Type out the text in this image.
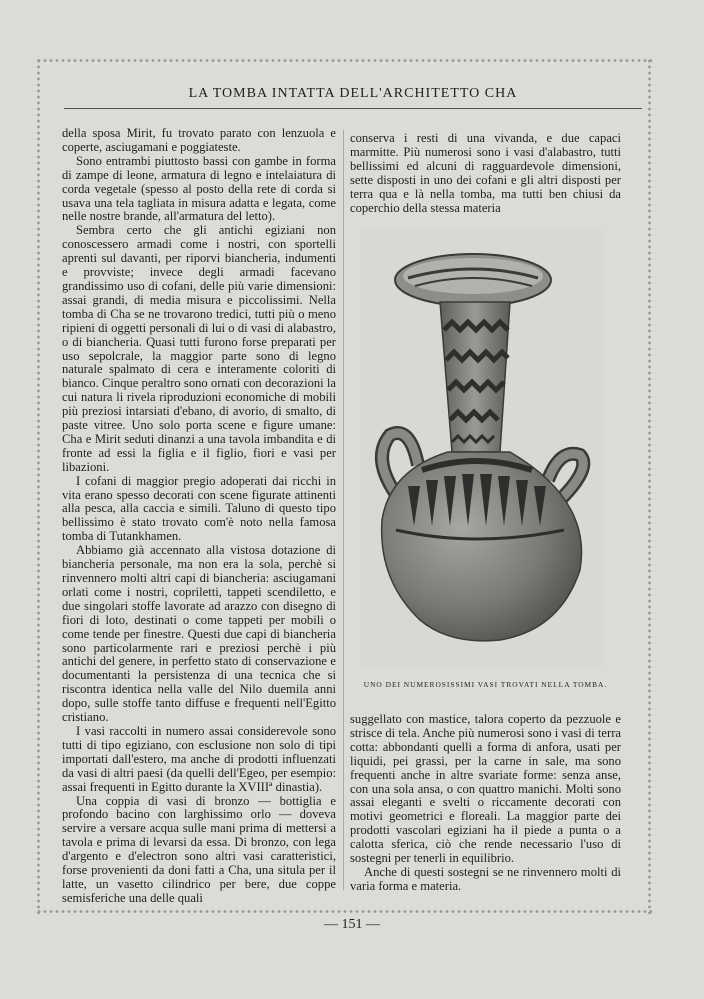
LA TOMBA INTATTA DELL'ARCHITETTO CHA

della sposa Mirit, fu trovato parato con lenzuola e coperte, asciugamani e poggiateste.

Sono entrambi piuttosto bassi con gambe in forma di zampe di leone, armatura di legno e intelaiatura di corda vegetale (spesso al posto della rete di corda si usava una tela tagliata in misura adatta e legata, come nelle nostre brande, all'armatura del letto).

Sembra certo che gli antichi egiziani non conoscessero armadi come i nostri, con sportelli aprenti sul davanti, per riporvi biancheria, indumenti e provviste; invece degli armadi facevano grandissimo uso di cofani, delle più varie dimensioni: assai grandi, di media misura e piccolissimi. Nella tomba di Cha se ne trovarono tredici, tutti più o meno ripieni di oggetti personali di lui o di vasi di alabastro, o di biancheria. Quasi tutti furono forse preparati per uso sepolcrale, la maggior parte sono di legno naturale spalmato di cera e interamente coloriti di bianco. Cinque peraltro sono ornati con decorazioni la cui natura li rivela riproduzioni economiche di mobili più preziosi intarsiati d'ebano, di avorio, di smalto, di paste vitree. Uno solo porta scene e figure umane: Cha e Mirit seduti dinanzi a una tavola imbandita e di fronte ad essi la figlia e il figlio, fiori e vasi per libazioni.

I cofani di maggior pregio adoperati dai ricchi in vita erano spesso decorati con scene figurate attinenti alla pesca, alla caccia e simili. Taluno di questo tipo bellissimo è stato trovato com'è noto nella famosa tomba di Tutankhamen.

Abbiamo già accennato alla vistosa dotazione di biancheria personale, ma non era la sola, perchè si rinvennero molti altri capi di biancheria: asciugamani orlati come i nostri, copriletti, tappeti scendiletto, e due singolari stoffe lavorate ad arazzo con disegno di fiori di loto, destinati o come tappeti per mobili o come tende per finestre. Questi due capi di biancheria sono particolarmente rari e preziosi perchè i più antichi del genere, in perfetto stato di conservazione e documentanti la persistenza di una tecnica che si riscontra identica nella valle del Nilo duemila anni dopo, sulle stoffe tanto diffuse e frequenti nell'Egitto cristiano.

I vasi raccolti in numero assai considerevole sono tutti di tipo egiziano, con esclusione non solo di tipi importati dall'estero, ma anche di prodotti influenzati da vasi di altri paesi (da quelli dell'Egeo, per esempio: assai frequenti in Egitto durante la XVIIIª dinastia).

Una coppia di vasi di bronzo — bottiglia e profondo bacino con larghissimo orlo — doveva servire a versare acqua sulle mani prima di mettersi a tavola e prima di levarsi da essa. Di bronzo, con lega d'argento e d'electron sono altri vasi caratteristici, forse provenienti da doni fatti a Cha, una situla per il latte, un vasetto cilindrico per bere, due coppe semisferiche una delle quali

conserva i resti di una vivanda, e due capaci marmitte. Più numerosi sono i vasi d'alabastro, tutti bellissimi ed alcuni di ragguardevole dimensioni, sette disposti in uno dei cofani e gli altri disposti per terra qua e là nella tomba, ma tutti ben chiusi da coperchio della stessa materia

UNO DEI NUMEROSISSIMI VASI TROVATI NELLA TOMBA.

suggellato con mastice, talora coperto da pezzuole e strisce di tela. Anche più numerosi sono i vasi di terra cotta: abbondanti quelli a forma di anfora, usati per liquidi, pei grassi, per la carne in sale, ma sono frequenti anche in altre svariate forme: senza anse, con una sola ansa, o con quattro manichi. Molti sono assai eleganti e svelti o riccamente decorati con motivi geometrici e floreali. La maggior parte dei prodotti vascolari egiziani ha il piede a punta o a calotta sferica, ciò che rende necessario l'uso di sostegni per tenerli in equilibrio.

Anche di questi sostegni se ne rinvennero molti di varia forma e materia.

— 151 —
